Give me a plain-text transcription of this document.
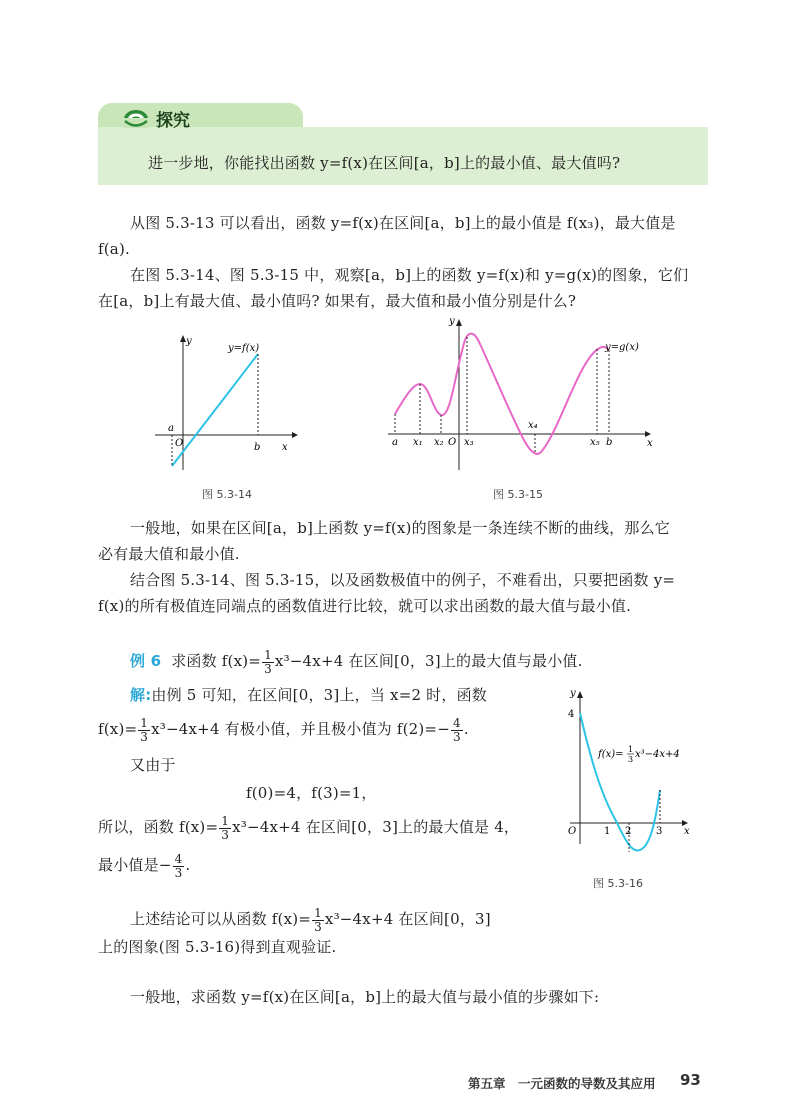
探究
进一步地，你能找出函数 y=f(x)在区间[a，b]上的最小值、最大值吗?
从图 5.3-13 可以看出，函数 y=f(x)在区间[a，b]上的最小值是 f(x₃)，最大值是
f(a).
在图 5.3-14、图 5.3-15 中，观察[a，b]上的函数 y=f(x)和 y=g(x)的图象，它们
在[a，b]上有最大值、最小值吗? 如果有，最大值和最小值分别是什么?
y
x
O
a
b
y=f(x)
图 5.3-14
y
x
y=g(x)
a x₁ x₂ O x₃
x₄
x₅ b
图 5.3-15
一般地，如果在区间[a，b]上函数 y=f(x)的图象是一条连续不断的曲线，那么它
必有最大值和最小值.
结合图 5.3-14、图 5.3-15，以及函数极值中的例子，不难看出，只要把函数 y=
f(x)的所有极值连同端点的函数值进行比较，就可以求出函数的最大值与最小值.
例 6 求函数 $f(x)= \frac{1}{3} x^3-4x+4$ 在区间[0，3]上的最大值与最小值.
解:由例 5 可知，在区间[0，3]上，当 x=2 时，函数
$f(x)= \frac{1}{3} x^3-4x+4$ 有极小值，并且极小值为 $f(2)=- \frac{4}{3}$ .
又由于
f(0)=4，f(3)=1，
所以，函数 $f(x)= \frac{1}{3} x^3-4x+4$ 在区间[0，3]上的最大值是 4，
最小值是− $\frac{4}{3}$ .
y
x
O
4
1 2 3
f(x)= 1
3 x³−4x+4
图 5.3-16
上述结论可以从函数 $f(x)= \frac{1}{3} x^3-4x+4$ 在区间[0，3]
上的图象(图 5.3-16)得到直观验证.
一般地，求函数 y=f(x)在区间[a，b]上的最大值与最小值的步骤如下:
第五章　一元函数的导数及其应用 93
